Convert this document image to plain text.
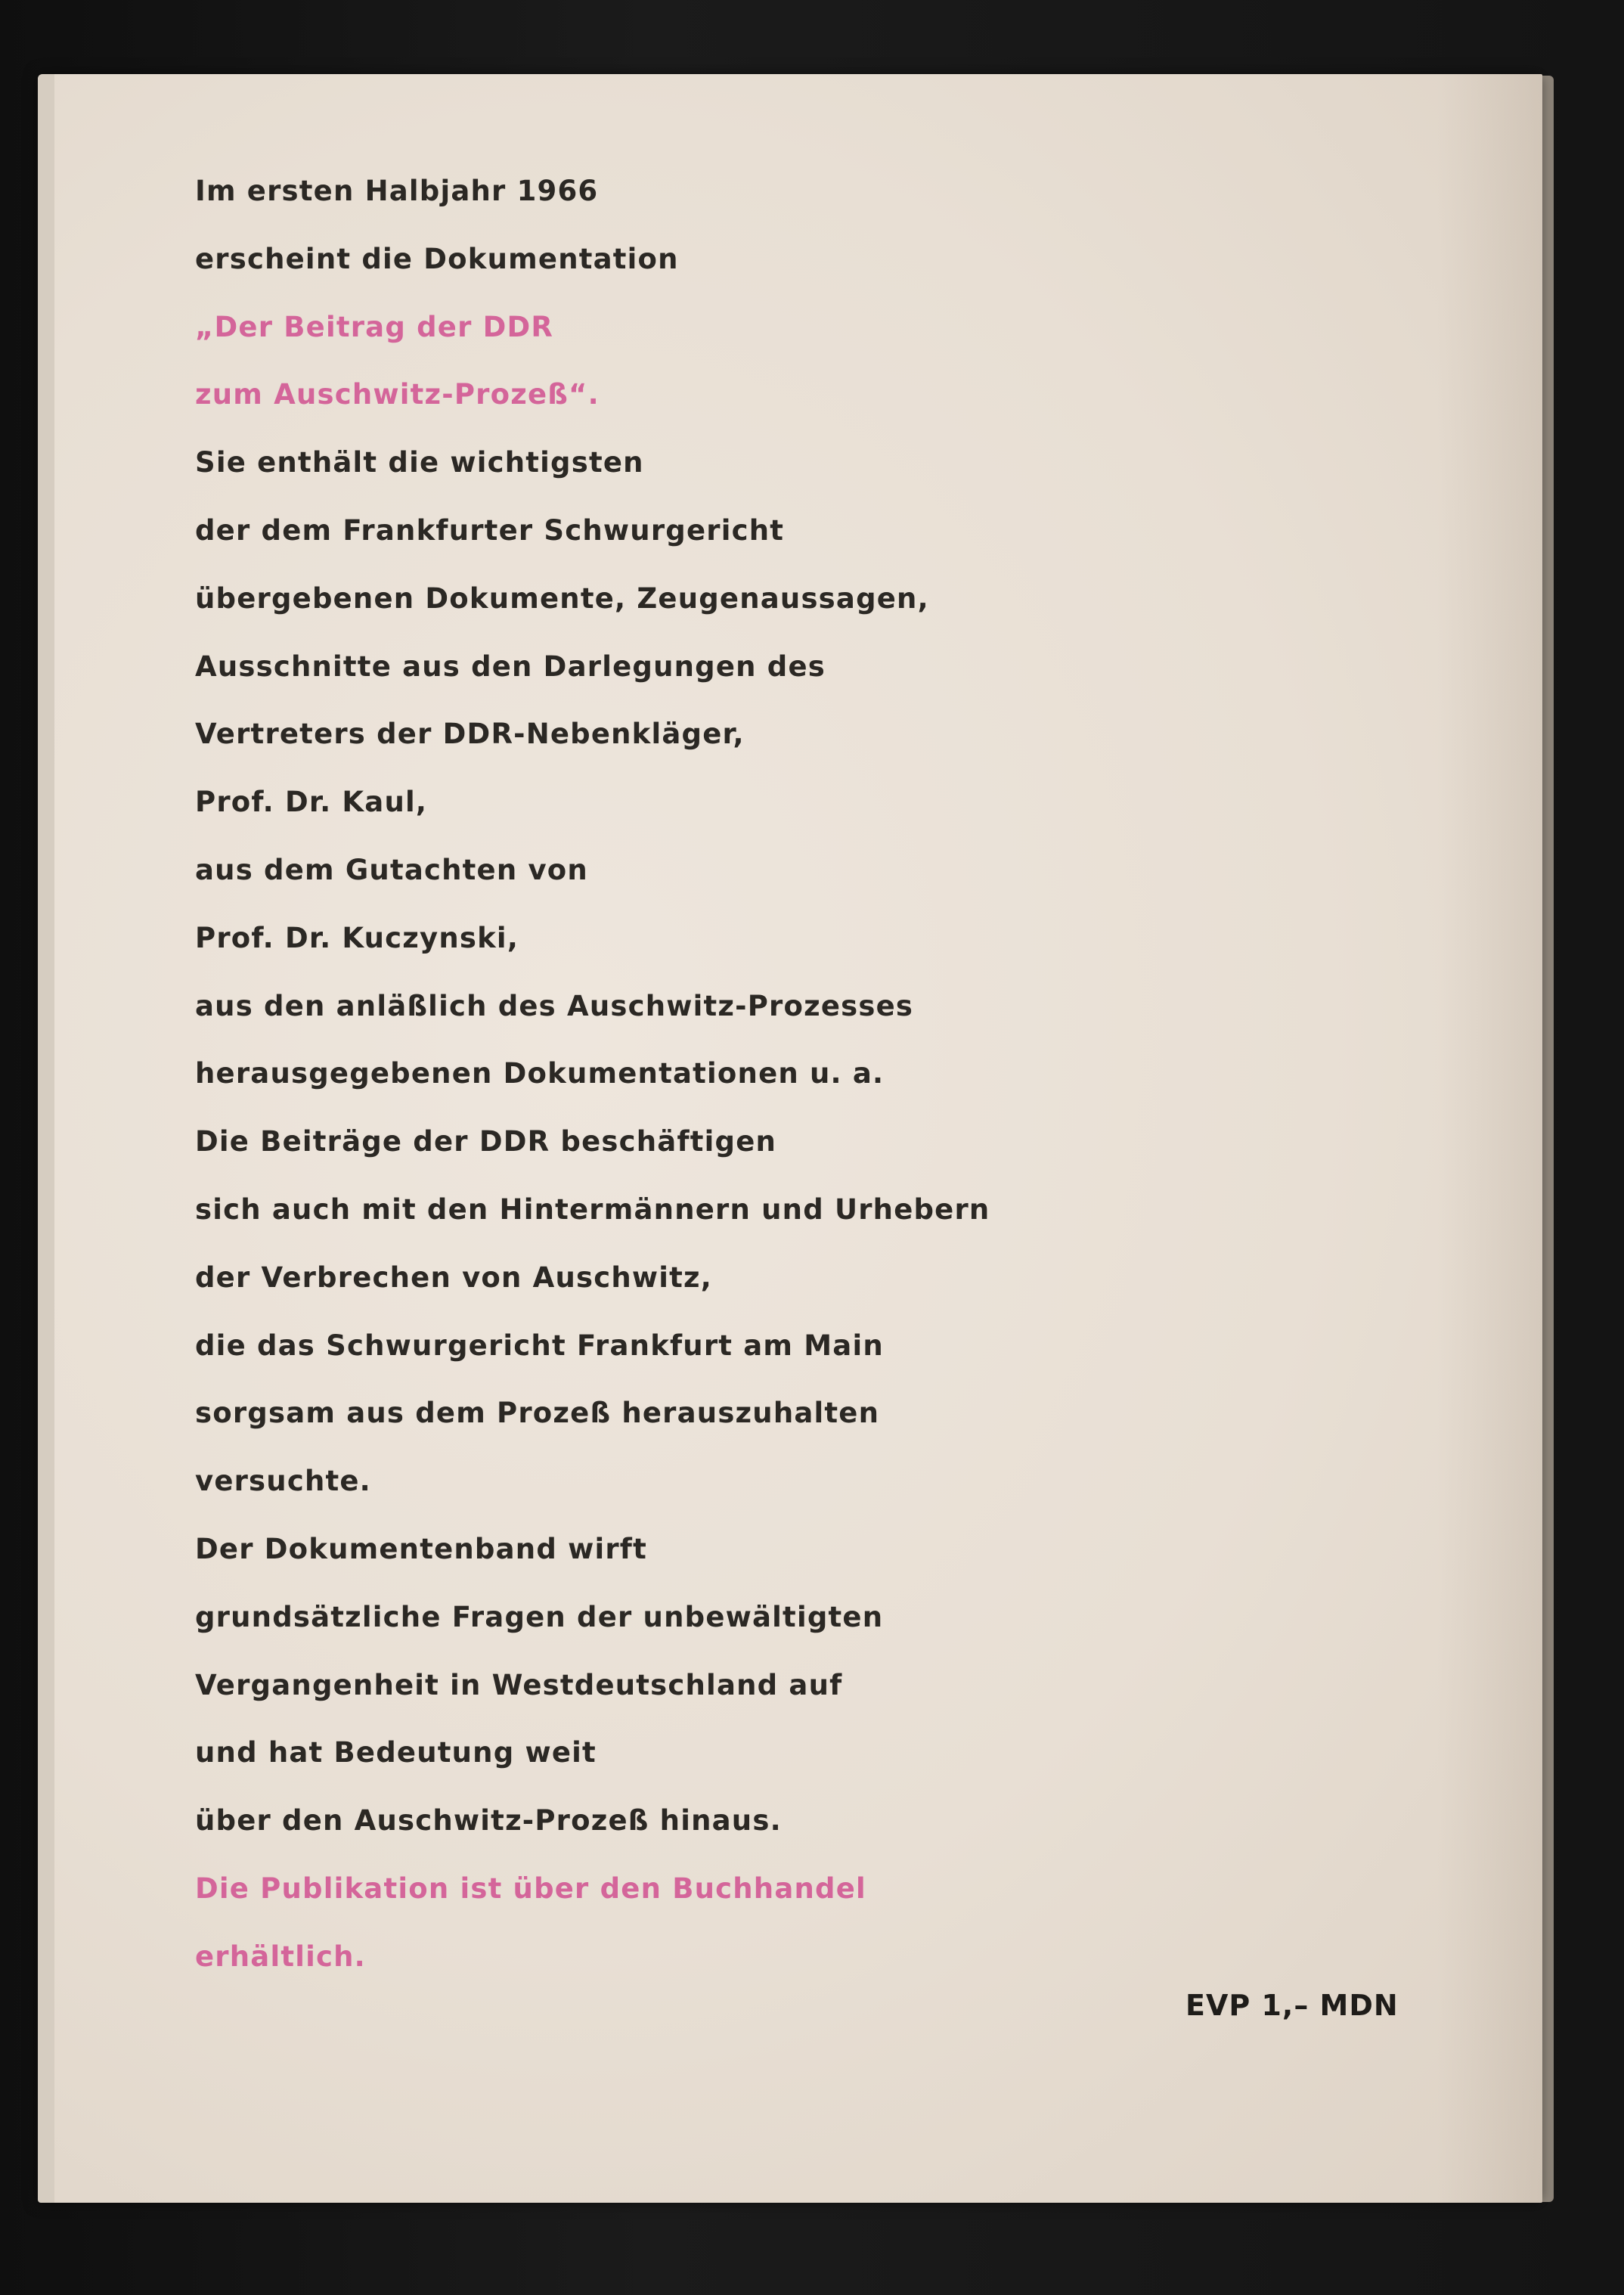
Im ersten Halbjahr 1966
erscheint die Dokumentation
„Der Beitrag der DDR
zum Auschwitz-Prozeß“.
Sie enthält die wichtigsten
der dem Frankfurter Schwurgericht
übergebenen Dokumente, Zeugenaussagen,
Ausschnitte aus den Darlegungen des
Vertreters der DDR-Nebenkläger,
Prof. Dr. Kaul,
aus dem Gutachten von
Prof. Dr. Kuczynski,
aus den anläßlich des Auschwitz-Prozesses
herausgegebenen Dokumentationen u. a.
Die Beiträge der DDR beschäftigen
sich auch mit den Hintermännern und Urhebern
der Verbrechen von Auschwitz,
die das Schwurgericht Frankfurt am Main
sorgsam aus dem Prozeß herauszuhalten
versuchte.
Der Dokumentenband wirft
grundsätzliche Fragen der unbewältigten
Vergangenheit in Westdeutschland auf
und hat Bedeutung weit
über den Auschwitz-Prozeß hinaus.
Die Publikation ist über den Buchhandel
erhältlich.
EVP 1,– MDN
